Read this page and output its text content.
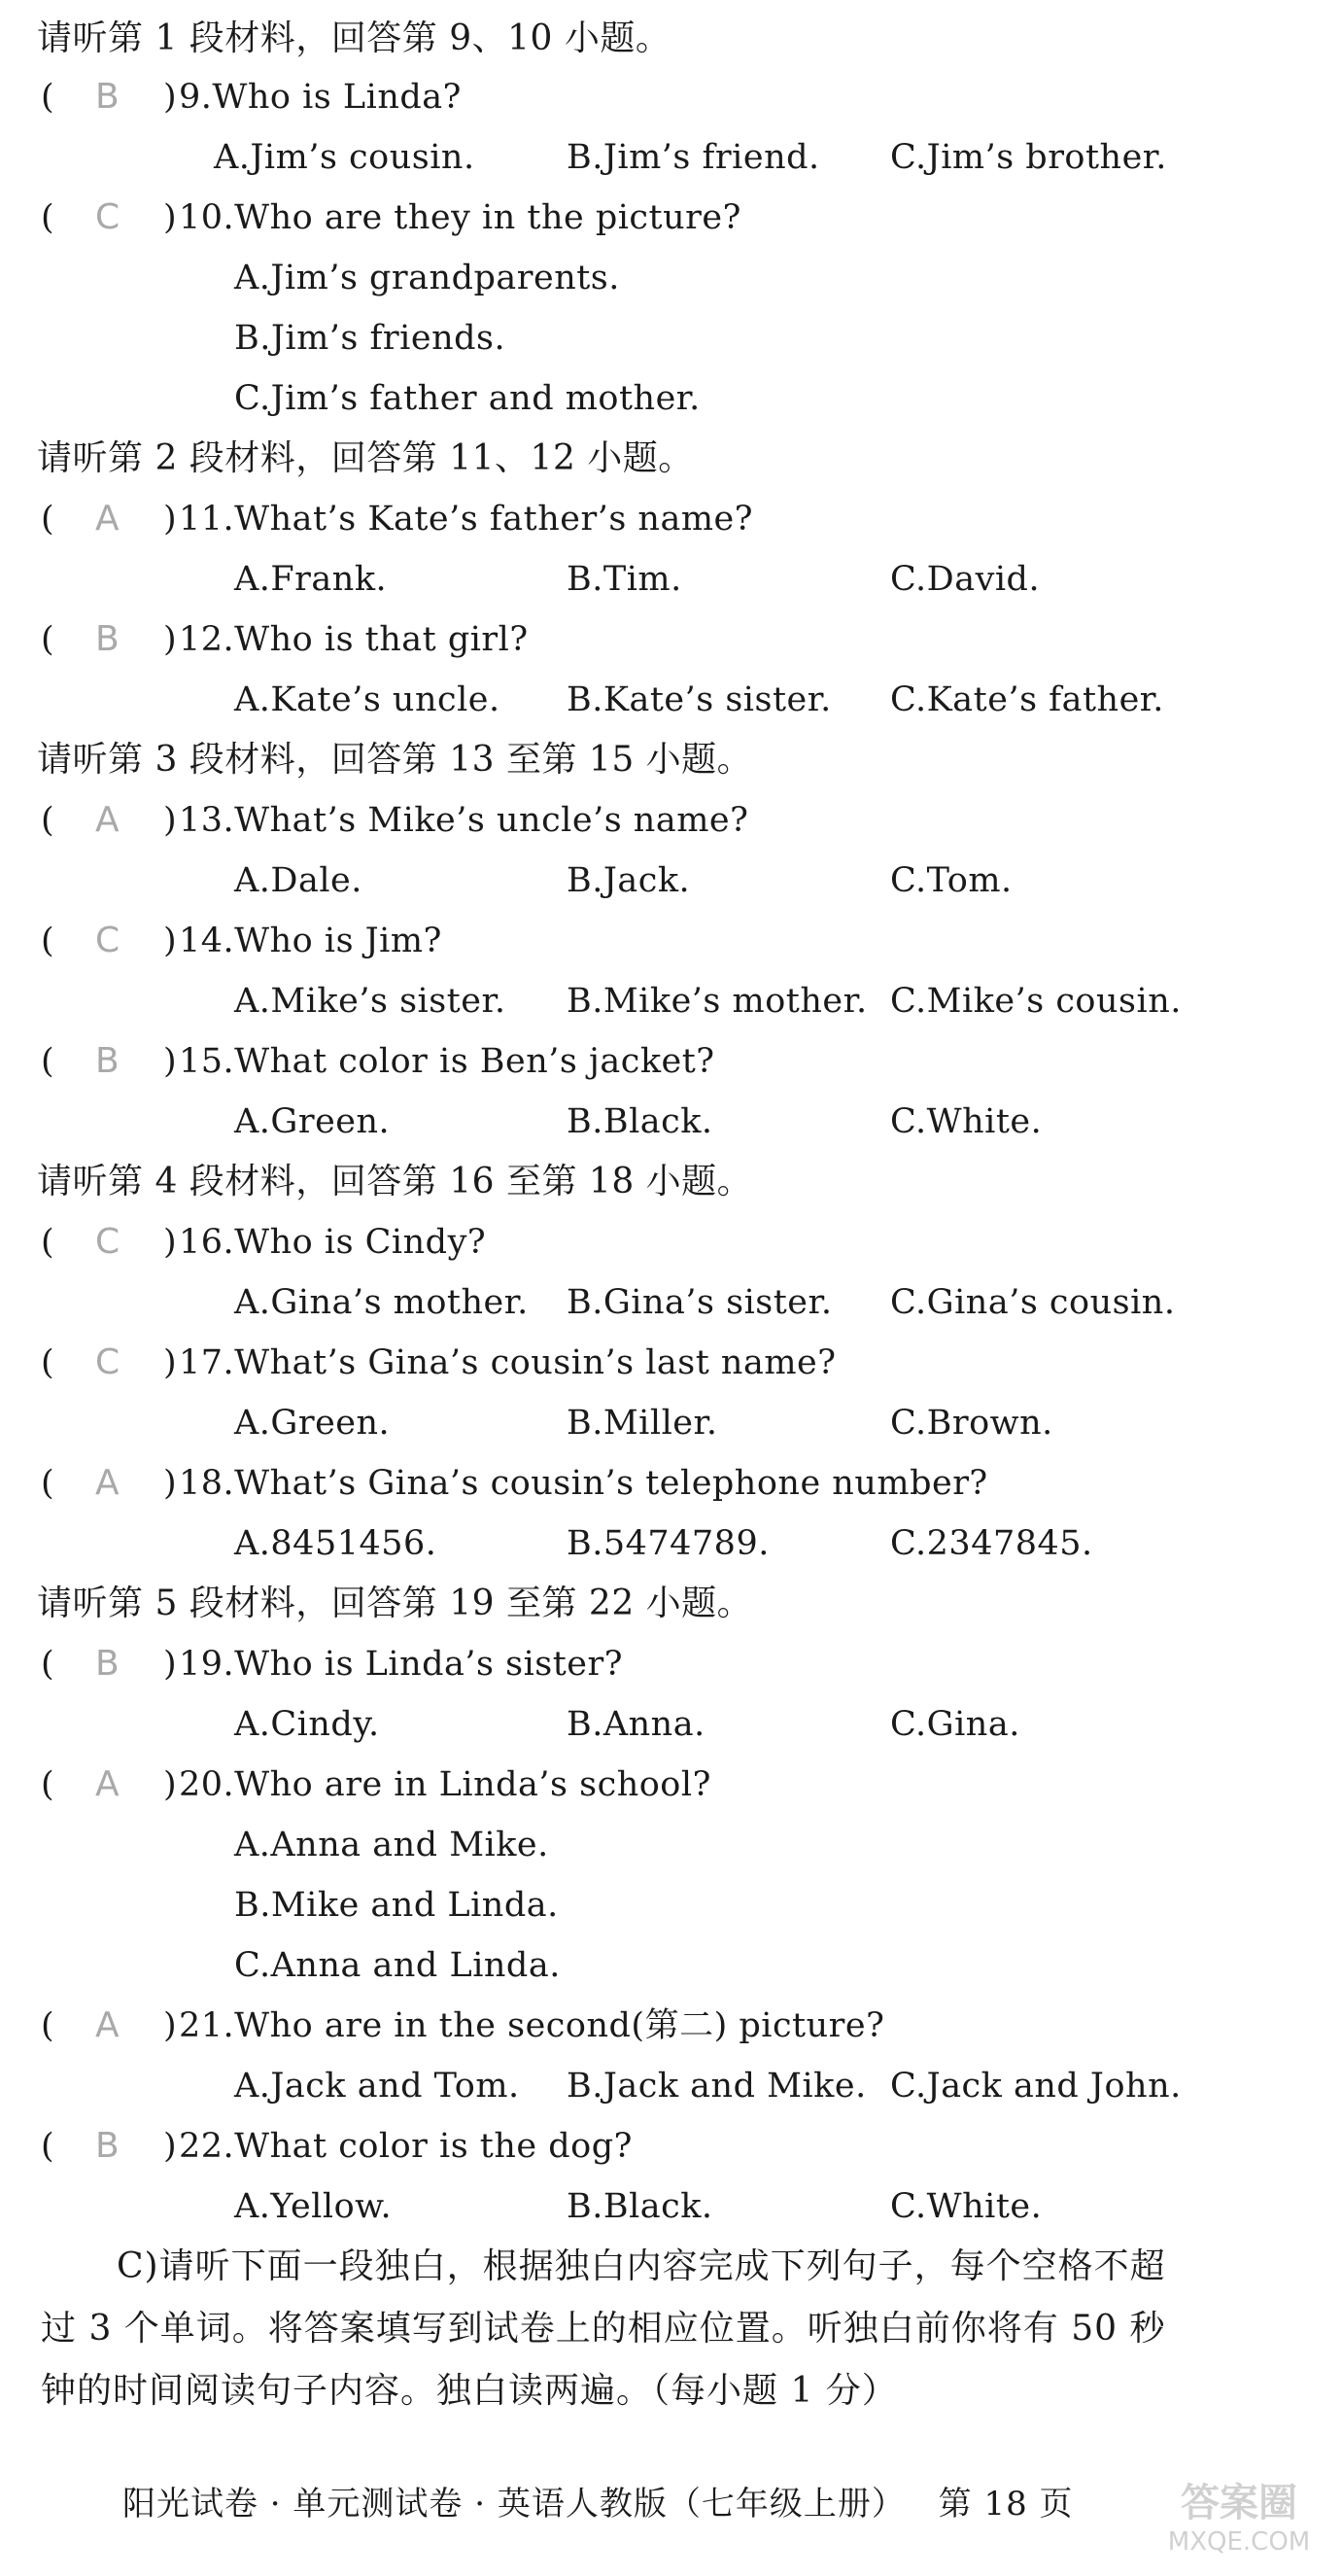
请听第 1 段材料，回答第 9、10 小题。
( B ) 9.Who is Linda?
A.Jim’s cousin.	B.Jim’s friend. C.Jim’s brother.
( C ) 10.Who are they in the picture?
A.Jim’s grandparents.
B.Jim’s friends.
C.Jim’s father and mother.
请听第 2 段材料，回答第 11、12 小题。
( A ) 11.What’s Kate’s father’s name?
A.Frank.	B.Tim.	C.David.
( B ) 12.Who is that girl?
A.Kate’s uncle. B.Kate’s sister. C.Kate’s father.
请听第 3 段材料，回答第 13 至第 15 小题。
( A ) 13.What’s Mike’s uncle’s name?
A.Dale.	B.Jack.	C.Tom.
( C ) 14.Who is Jim?
A.Mike’s sister. B.Mike’s mother. C.Mike’s cousin.
( B ) 15.What color is Ben’s jacket?
A.Green.	B.Black.	C.White.
请听第 4 段材料，回答第 16 至第 18 小题。
( C ) 16.Who is Cindy?
A.Gina’s mother. B.Gina’s sister. C.Gina’s cousin.
( C ) 17.What’s Gina’s cousin’s last name?
A.Green.	B.Miller.	C.Brown.
( A ) 18.What’s Gina’s cousin’s telephone number?
A.8451456.	B.5474789.	C.2347845.
请听第 5 段材料，回答第 19 至第 22 小题。
( B ) 19.Who is Linda’s sister?
A.Cindy.	B.Anna.	C.Gina.
( A ) 20.Who are in Linda’s school?
A.Anna and Mike.
B.Mike and Linda.
C.Anna and Linda.
( A ) 21.Who are in the second(第二) picture?
A.Jack and Tom. B.Jack and Mike. C.Jack and John.
( B ) 22.What color is the dog?
A.Yellow.	B.Black.	C.White.
C)请听下面一段独白，根据独白内容完成下列句子，每个空格不超
过 3 个单词。将答案填写到试卷上的相应位置。听独白前你将有 50 秒
钟的时间阅读句子内容。独白读两遍。（每小题 1 分）
阳光试卷 · 单元测试卷 · 英语人教版（七年级上册） 第 18 页	答案圈
MXQE.COM
